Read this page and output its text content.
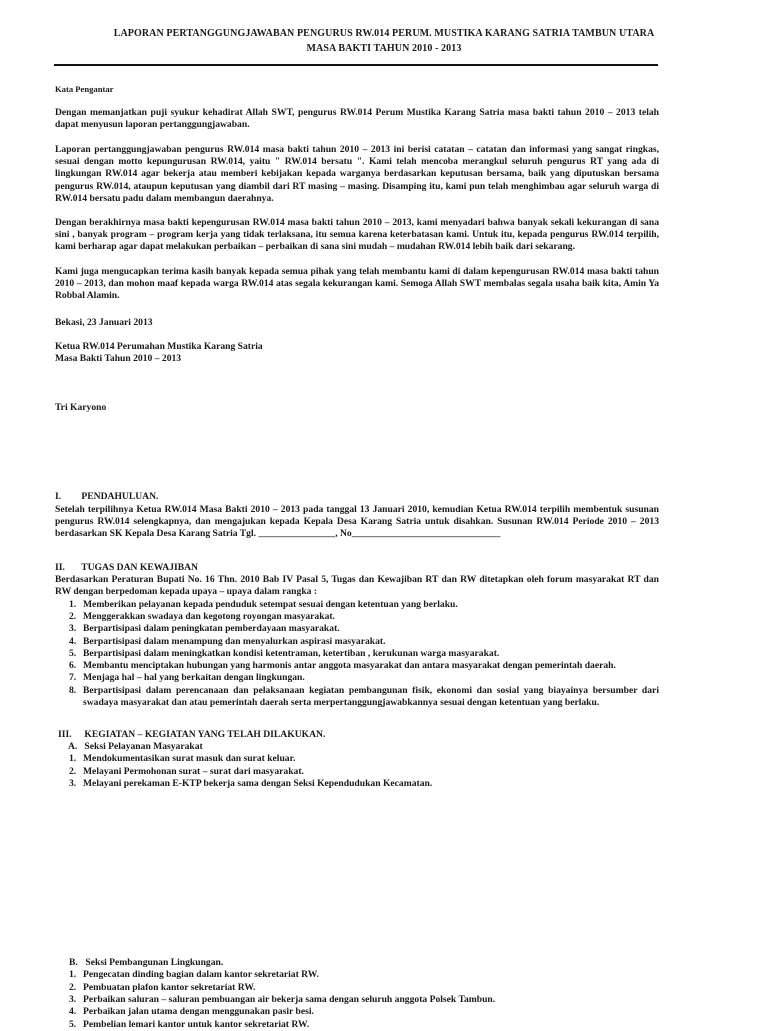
LAPORAN PERTANGGUNGJAWABAN PENGURUS RW.014 PERUM. MUSTIKA KARANG SATRIA TAMBUN UTARA
MASA BAKTI TAHUN 2010 - 2013
Kata Pengantar
Dengan memanjatkan puji syukur kehadirat Allah SWT, pengurus RW.014 Perum Mustika Karang Satria masa bakti tahun 2010 – 2013 telah dapat menyusun laporan pertanggungjawaban.
Laporan pertanggungjawaban pengurus RW.014 masa bakti tahun 2010 – 2013 ini berisi catatan – catatan dan informasi yang sangat ringkas, sesuai dengan motto kepungurusan RW.014, yaitu " RW.014 bersatu ". Kami telah mencoba merangkul seluruh pengurus RT yang ada di lingkungan RW.014 agar bekerja atau memberi kebijakan kepada warganya berdasarkan keputusan bersama, baik yang diputuskan bersama pengurus RW.014, ataupun keputusan yang diambil dari RT masing – masing. Disamping itu, kami pun telah menghimbau agar seluruh warga di RW.014 bersatu padu dalam membangun daerahnya.
Dengan berakhirnya masa bakti kepengurusan RW.014 masa bakti tahun 2010 – 2013, kami menyadari bahwa banyak sekali kekurangan di sana sini , banyak program – program kerja yang tidak terlaksana, itu semua karena keterbatasan kami. Untuk itu, kepada pengurus RW.014 terpilih, kami berharap agar dapat melakukan perbaikan – perbaikan di sana sini mudah – mudahan RW.014 lebih baik dari sekarang.
Kami juga mengucapkan terima kasih banyak kepada semua pihak yang telah membantu kami di dalam kepengurusan RW.014 masa bakti tahun 2010 – 2013, dan mohon maaf kepada warga RW.014 atas segala kekurangan kami. Semoga Allah SWT membalas segala usaha baik kita, Amin Ya Robbal Alamin.
Bekasi, 23 Januari 2013
Ketua RW.014 Perumahan Mustika Karang Satria
Masa Bakti Tahun 2010 – 2013
Tri Karyono
I. PENDAHULUAN.
Setelah terpilihnya Ketua RW.014 Masa Bakti 2010 – 2013 pada tanggal 13 Januari 2010, kemudian Ketua RW.014 terpilih membentuk susunan pengurus RW.014 selengkapnya, dan mengajukan kepada Kepala Desa Karang Satria untuk disahkan. Susunan RW.014 Periode 2010 – 2013 berdasarkan SK Kepala Desa Karang Satria Tgl. ________________, No_______________________________
II. TUGAS DAN KEWAJIBAN
Berdasarkan Peraturan Bupati No. 16 Thn. 2010 Bab IV Pasal 5, Tugas dan Kewajiban RT dan RW ditetapkan oleh forum masyarakat RT dan RW dengan berpedoman kepada upaya – upaya dalam rangka :
1. Memberikan pelayanan kepada penduduk setempat sesuai dengan ketentuan yang berlaku.
2. Menggerakkan swadaya dan kegotong royongan masyarakat.
3. Berpartisipasi dalam peningkatan pemberdayaan masyarakat.
4. Berpartisipasi dalam menampung dan menyalurkan aspirasi masyarakat.
5. Berpartisipasi dalam meningkatkan kondisi ketentraman, ketertiban , kerukunan warga masyarakat.
6. Membantu menciptakan hubungan yang harmonis antar anggota masyarakat dan antara masyarakat dengan pemerintah daerah.
7. Menjaga hal – hal yang berkaitan dengan lingkungan.
8. Berpartisipasi dalam perencanaan dan pelaksanaan kegiatan pembangunan fisik, ekonomi dan sosial yang biayainya bersumber dari swadaya masyarakat dan atau pemerintah daerah serta merpertanggungjawabkannya sesuai dengan ketentuan yang berlaku.
III. KEGIATAN – KEGIATAN YANG TELAH DILAKUKAN.
A. Seksi Pelayanan Masyarakat
1. Mendokumentasikan surat masuk dan surat keluar.
2. Melayani Permohonan surat – surat dari masyarakat.
3. Melayani perekaman E-KTP bekerja sama dengan Seksi Kependudukan Kecamatan.
B. Seksi Pembangunan Lingkungan.
1. Pengecatan dinding bagian dalam kantor sekretariat RW.
2. Pembuatan plafon kantor sekretariat RW.
3. Perbaikan saluran – saluran pembuangan air bekerja sama dengan seluruh anggota Polsek Tambun.
4. Perbaikan jalan utama dengan menggunakan pasir besi.
5. Pembelian lemari kantor untuk kantor sekretariat RW.
